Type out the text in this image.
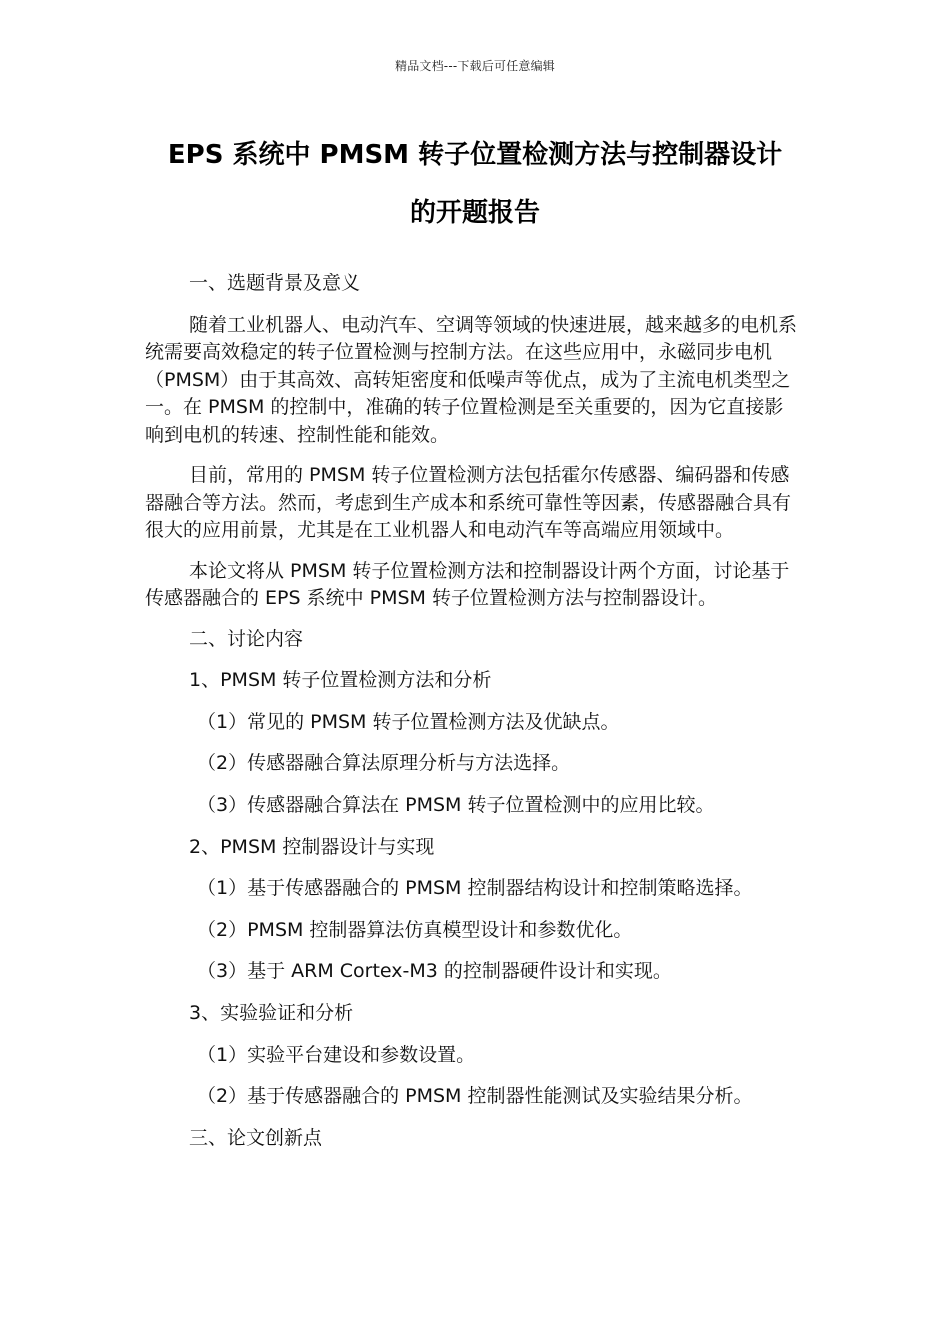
精品文档---下载后可任意编辑
EPS 系统中 PMSM 转子位置检测方法与控制器设计
的开题报告

一、选题背景及意义

随着工业机器人、电动汽车、空调等领域的快速进展，越来越多的电机系统需要高效稳定的转子位置检测与控制方法。在这些应用中，永磁同步电机（PMSM）由于其高效、高转矩密度和低噪声等优点，成为了主流电机类型之一。在 PMSM 的控制中，准确的转子位置检测是至关重要的，因为它直接影响到电机的转速、控制性能和能效。

目前，常用的 PMSM 转子位置检测方法包括霍尔传感器、编码器和传感器融合等方法。然而，考虑到生产成本和系统可靠性等因素，传感器融合具有很大的应用前景，尤其是在工业机器人和电动汽车等高端应用领域中。

本论文将从 PMSM 转子位置检测方法和控制器设计两个方面，讨论基于传感器融合的 EPS 系统中 PMSM 转子位置检测方法与控制器设计。

二、讨论内容

1、PMSM 转子位置检测方法和分析

（1）常见的 PMSM 转子位置检测方法及优缺点。

（2）传感器融合算法原理分析与方法选择。

（3）传感器融合算法在 PMSM 转子位置检测中的应用比较。

2、PMSM 控制器设计与实现

（1）基于传感器融合的 PMSM 控制器结构设计和控制策略选择。

（2）PMSM 控制器算法仿真模型设计和参数优化。

（3）基于 ARM Cortex-M3 的控制器硬件设计和实现。

3、实验验证和分析

（1）实验平台建设和参数设置。

（2）基于传感器融合的 PMSM 控制器性能测试及实验结果分析。

三、论文创新点
